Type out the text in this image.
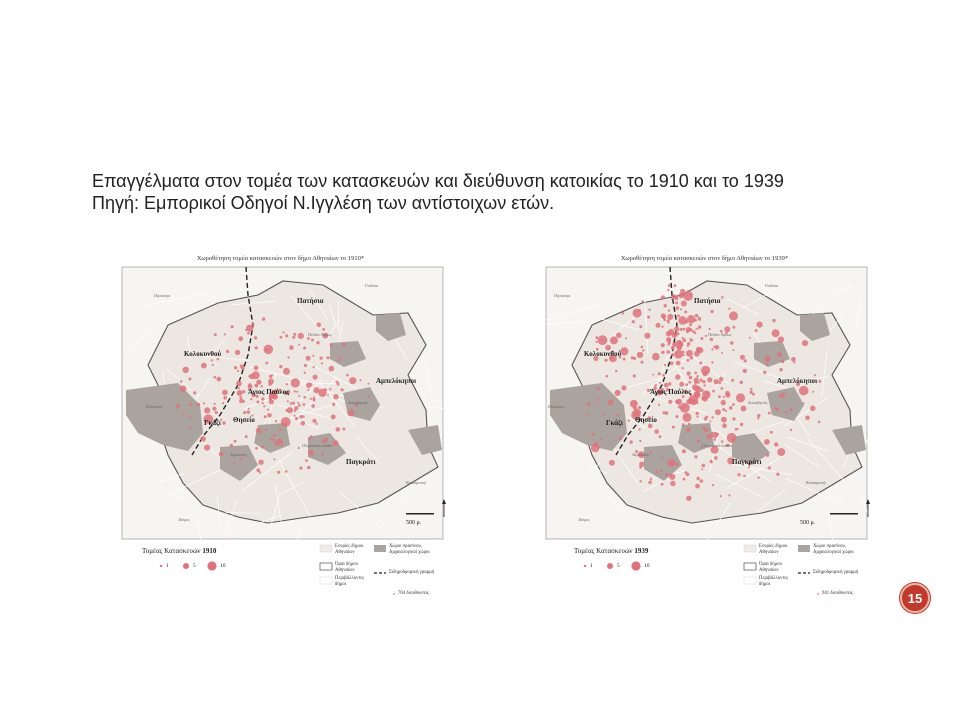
Επαγγέλματα στον τομέα των κατασκευών και διεύθυνση κατοικίας το 1910 και το 1939
Πηγή: Εμπορικοί Οδηγοί Ν.Ιγγλέση των αντίστοιχων ετών.
Χωροθέτηση τομέα κατασκευών στον δήμο Αθηναίων το 1910*
Πατήσια
Κολοκυνθού
Αμπελόκηποι
Άγιος Παύλος
Γκάζι Θησείο
Παγκράτι
Πεδίον Άρεως
Λυκαβηττός
Ολυμπιακό στάδιο
Ακρόπολη
Ελαιώνας
Γαλάτσι
Περιστέρι
Καισαριανή
Ταύρος
500 μ.
Τομέας Κατασκευών 1910
1	5	10
Ενορίες δήμου Αθηναίων
Όρια δήμου Αθηναίων
Περιβάλλοντες δήμοι
Χώροι πρασίνου, Αρχαιολογικοί χώροι
Σιδηροδρομική γραμμή
704 διευθύνσεις
Χωροθέτηση τομέα κατασκευών στον δήμο Αθηναίων το 1939*
Πατήσια
Κολοκυνθού
Αμπελόκηποι
Άγιος Παύλος
Γκάζι Θησείο
Παγκράτι
Πεδίον Άρεως
Λυκαβηττός
Ολυμπιακό στάδιο
Ακρόπολη
Ελαιώνας
Γαλάτσι
Περιστέρι
Καισαριανή
Ταύρος
500 μ.
Τομέας Κατασκευών 1939
1	5	10
Ενορίες δήμου Αθηναίων
Όρια δήμου Αθηναίων
Περιβάλλοντες δήμοι
Χώροι πρασίνου, Αρχαιολογικοί χώροι
Σιδηροδρομική γραμμή
941 διευθύνσεις	15
